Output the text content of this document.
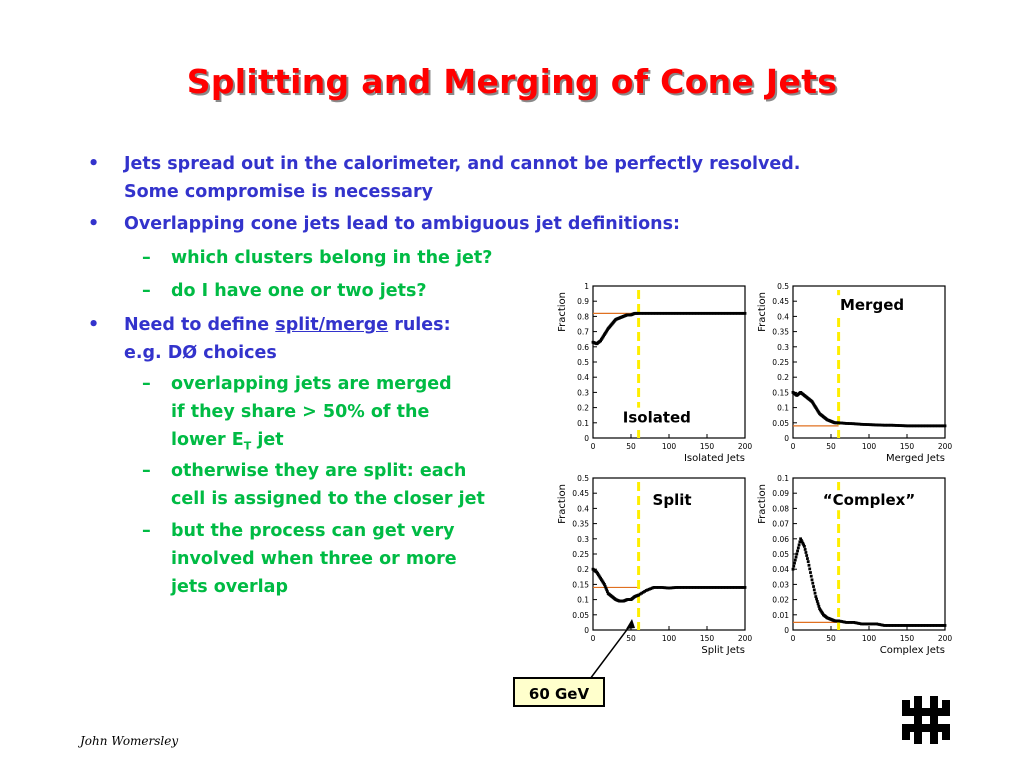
Splitting and Merging of Cone Jets
• Jets spread out in the calorimeter, and cannot be perfectly resolved.
Some compromise is necessary
• Overlapping cone jets lead to ambiguous jet definitions:
– which clusters belong in the jet?
– do I have one or two jets?
• Need to define split/merge rules:
e.g. DØ choices
– overlapping jets are merged
if they share > 50% of the
lower $E_T$ jet
– otherwise they are split: each
cell is assigned to the closer jet
– but the process can get very
involved when three or more
jets overlap
0
0.1
0.2
0.3
0.4
0.5
0.6
0.7
0.8
0.9
1
0	50	100	150	200
Isolated Jets
Fraction
Isolated
0
0.05
0.1
0.15
0.2
0.25
0.3
0.35
0.4
0.45
0.5
0	50	100	150	200
Merged Jets
Fraction	Merged
0
0.05
0.1
0.15
0.2
0.25
0.3
0.35
0.4
0.45
0.5
0	50	100	150	200
Split Jets
Fraction	Split
0
0.01
0.02
0.03
0.04
0.05
0.06
0.07
0.08
0.09
0.1
0	50	100	150	200
Complex Jets
Fraction	“Complex”
60 GeV
John Womersley
